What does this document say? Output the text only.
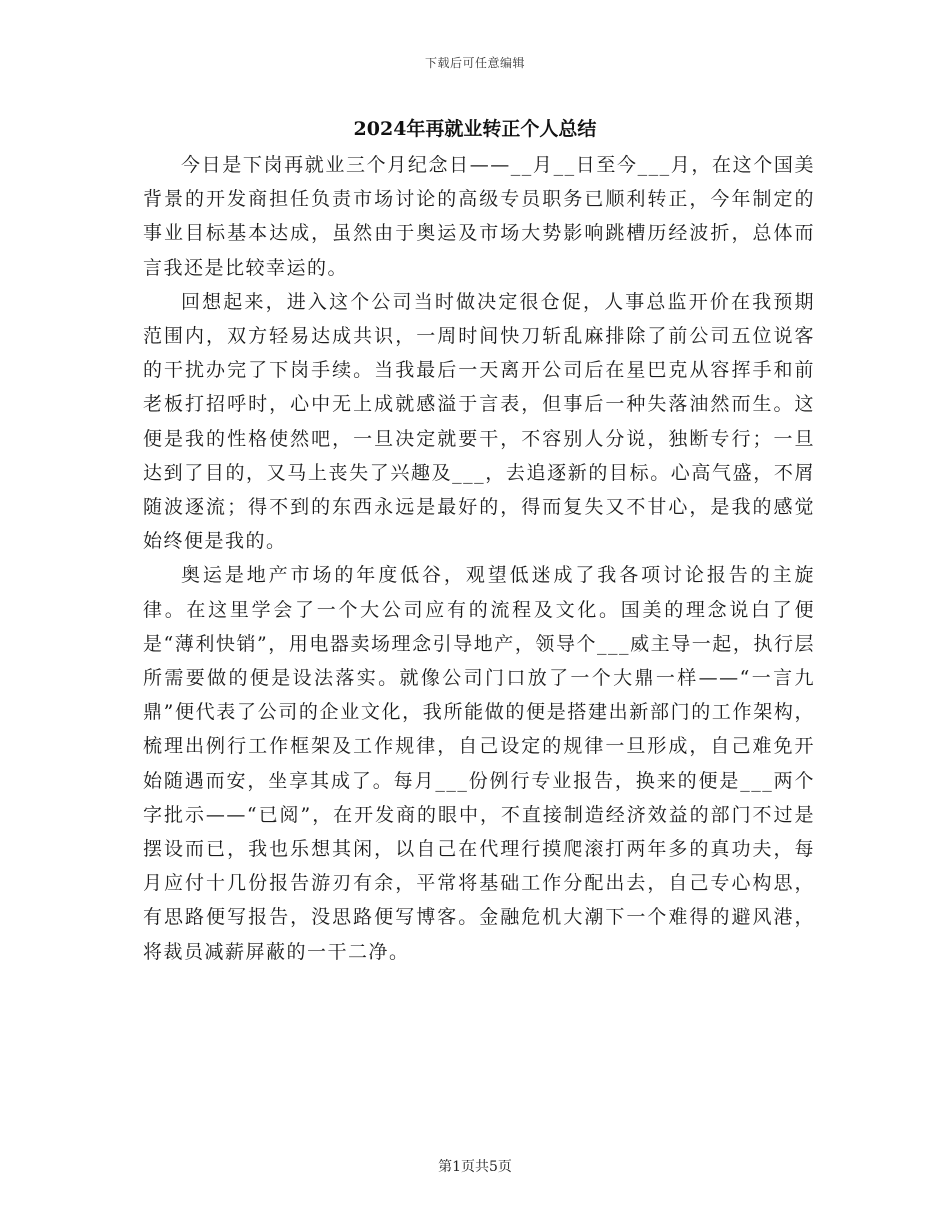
下载后可任意编辑
2024年再就业转正个人总结

今日是下岗再就业三个月纪念日——__月__日至今___月，在这个国美背景的开发商担任负责市场讨论的高级专员职务已顺利转正，今年制定的事业目标基本达成，虽然由于奥运及市场大势影响跳槽历经波折，总体而言我还是比较幸运的。

回想起来，进入这个公司当时做决定很仓促，人事总监开价在我预期范围内，双方轻易达成共识，一周时间快刀斩乱麻排除了前公司五位说客的干扰办完了下岗手续。当我最后一天离开公司后在星巴克从容挥手和前老板打招呼时，心中无上成就感溢于言表，但事后一种失落油然而生。这便是我的性格使然吧，一旦决定就要干，不容别人分说，独断专行；一旦达到了目的，又马上丧失了兴趣及___，去追逐新的目标。心高气盛，不屑随波逐流；得不到的东西永远是最好的，得而复失又不甘心，是我的感觉始终便是我的。

奥运是地产市场的年度低谷，观望低迷成了我各项讨论报告的主旋律。在这里学会了一个大公司应有的流程及文化。国美的理念说白了便是“薄利快销”，用电器卖场理念引导地产，领导个___威主导一起，执行层所需要做的便是设法落实。就像公司门口放了一个大鼎一样——“一言九鼎”便代表了公司的企业文化，我所能做的便是搭建出新部门的工作架构，梳理出例行工作框架及工作规律，自己设定的规律一旦形成，自己难免开始随遇而安，坐享其成了。每月___份例行专业报告，换来的便是___两个字批示——“已阅”，在开发商的眼中，不直接制造经济效益的部门不过是摆设而已，我也乐想其闲，以自己在代理行摸爬滚打两年多的真功夫，每月应付十几份报告游刃有余，平常将基础工作分配出去，自己专心构思，有思路便写报告，没思路便写博客。金融危机大潮下一个难得的避风港，将裁员减薪屏蔽的一干二净。

第1页共5页
